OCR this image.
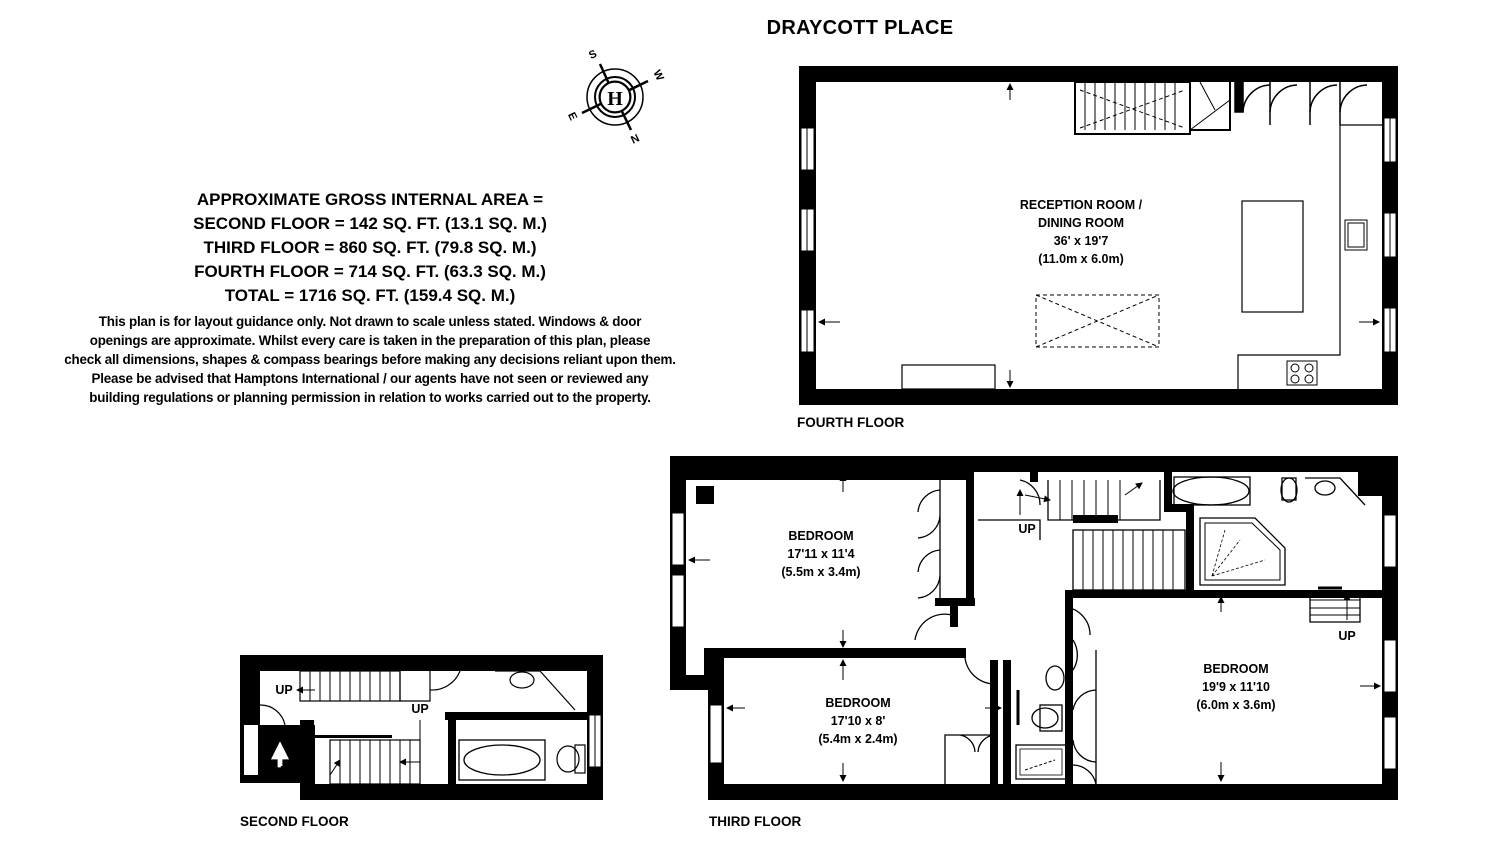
DRAYCOTT PLACE
APPROXIMATE GROSS INTERNAL AREA =
SECOND FLOOR = 142 SQ. FT. (13.1 SQ. M.)
THIRD FLOOR = 860 SQ. FT. (79.8 SQ. M.)
FOURTH FLOOR = 714 SQ. FT. (63.3 SQ. M.)
TOTAL = 1716 SQ. FT. (159.4 SQ. M.)
This plan is for layout guidance only. Not drawn to scale unless stated. Windows & door
openings are approximate. Whilst every care is taken in the preparation of this plan, please
check all dimensions, shapes & compass bearings before making any decisions reliant upon them.
Please be advised that Hamptons International / our agents have not seen or reviewed any
building regulations or planning permission in relation to works carried out to the property.
H
S
N
E
W
RECEPTION ROOM /
DINING ROOM
36' x 19'7
(11.0m x 6.0m)
BEDROOM
17'11 x 11'4
(5.5m x 3.4m)
BEDROOM
17'10 x 8'
(5.4m x 2.4m)
BEDROOM
19'9 x 11'10
(6.0m x 3.6m)
UP
UP
UP
UP
IN
FOURTH FLOOR
THIRD FLOOR
SECOND FLOOR
